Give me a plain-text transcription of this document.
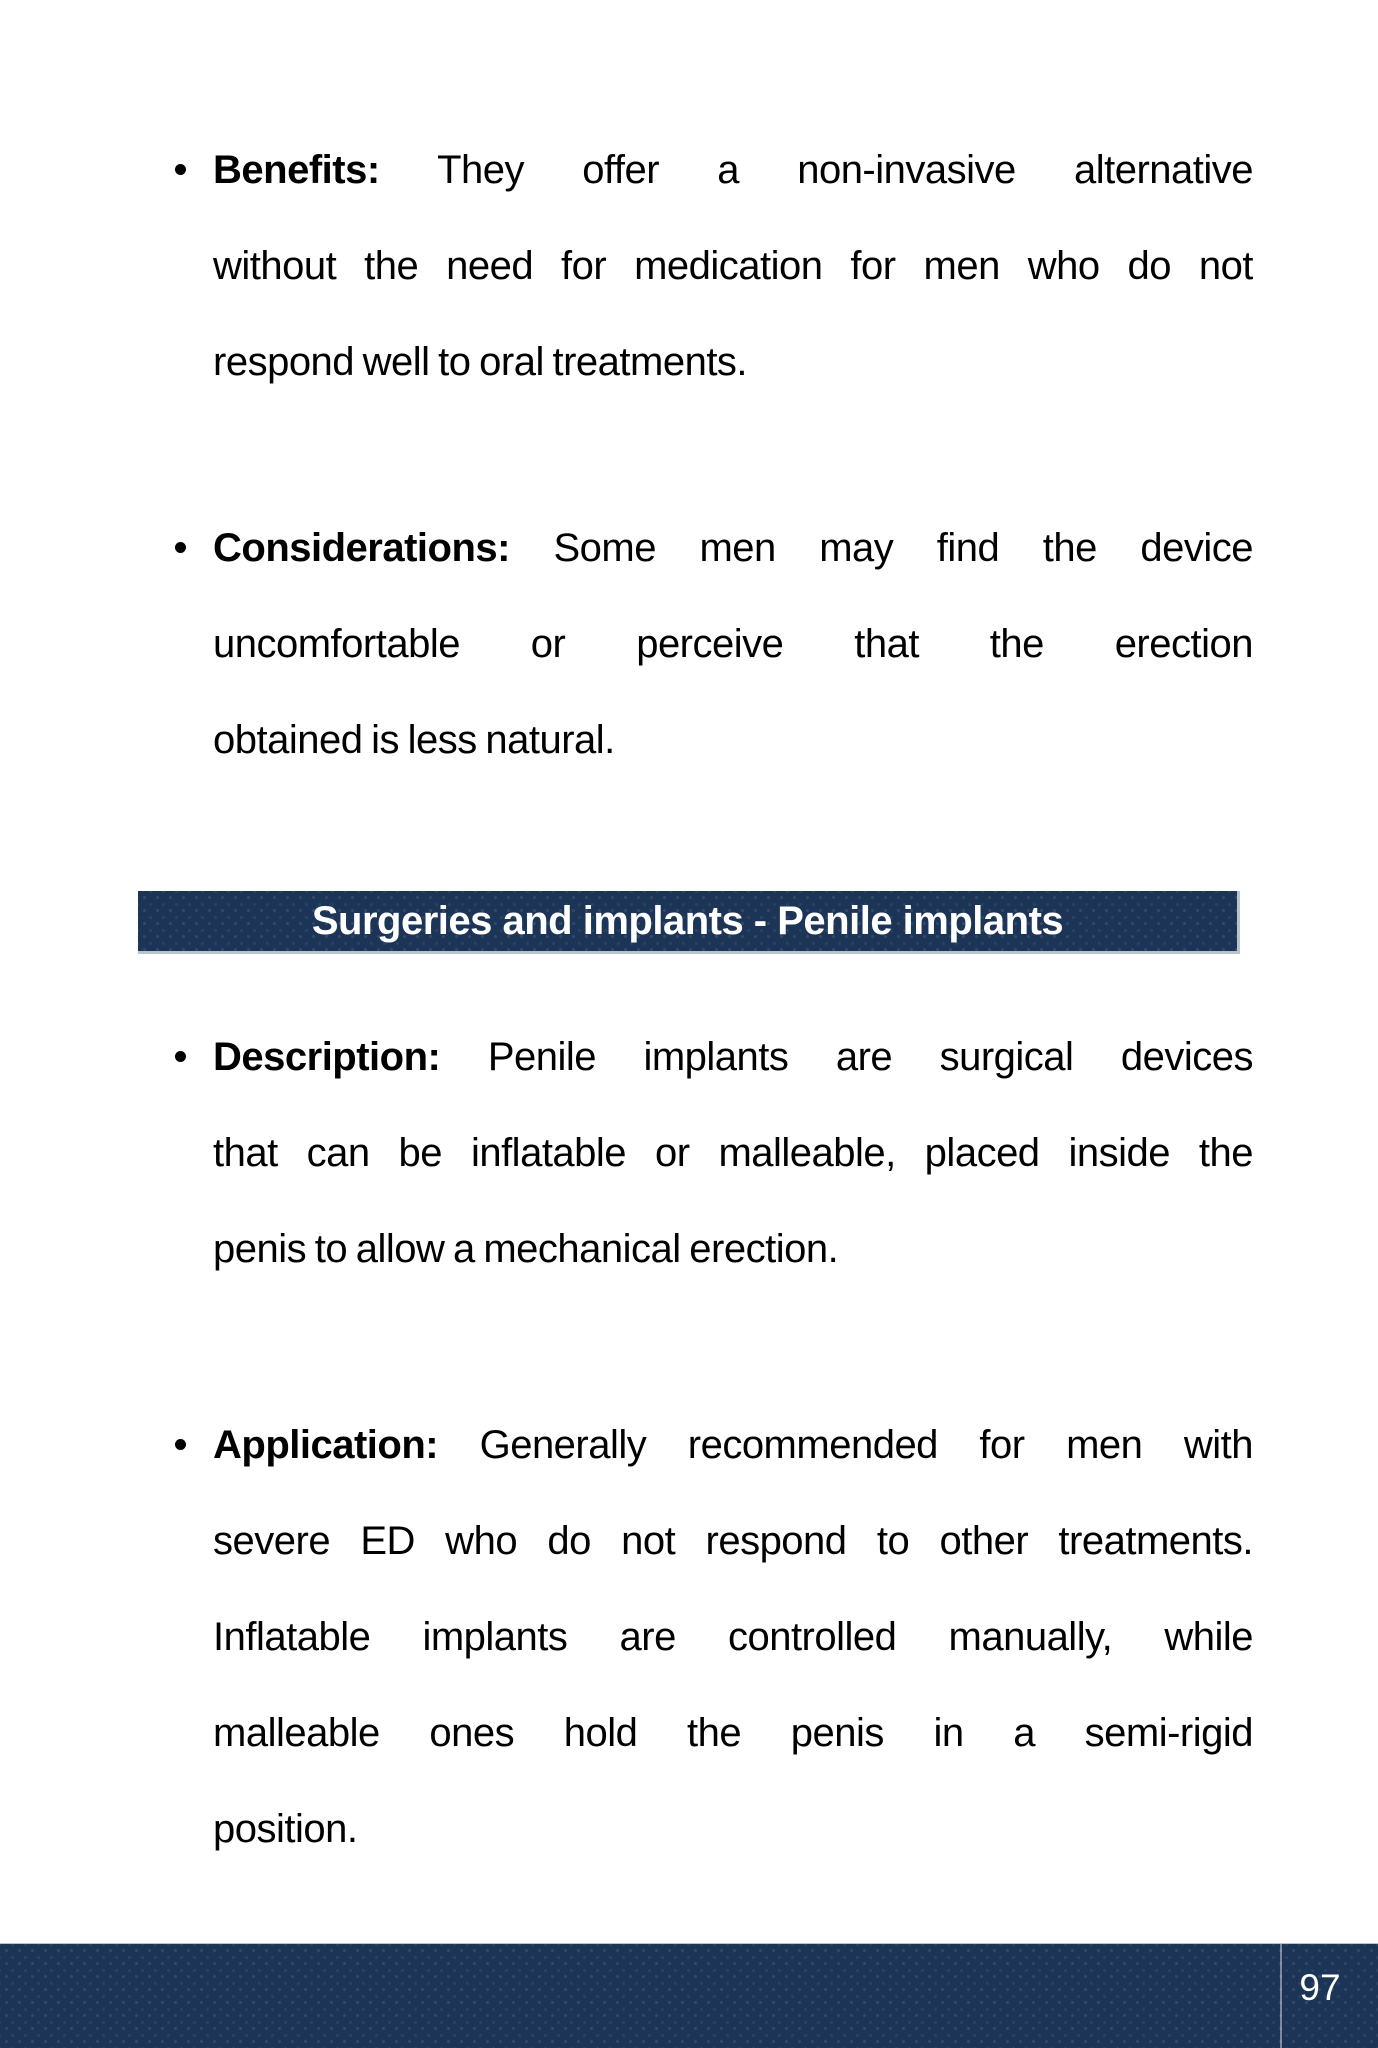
Benefits: They offer a non-invasive alternative
without the need for medication for men who do not
respond well to oral treatments.
Considerations: Some men may find the device
uncomfortable or perceive that the erection
obtained is less natural.
Surgeries and implants - Penile implants
Description: Penile implants are surgical devices
that can be inflatable or malleable, placed inside the
penis to allow a mechanical erection.
Application: Generally recommended for men with
severe ED who do not respond to other treatments.
Inflatable implants are controlled manually, while
malleable ones hold the penis in a semi-rigid
position.
97
